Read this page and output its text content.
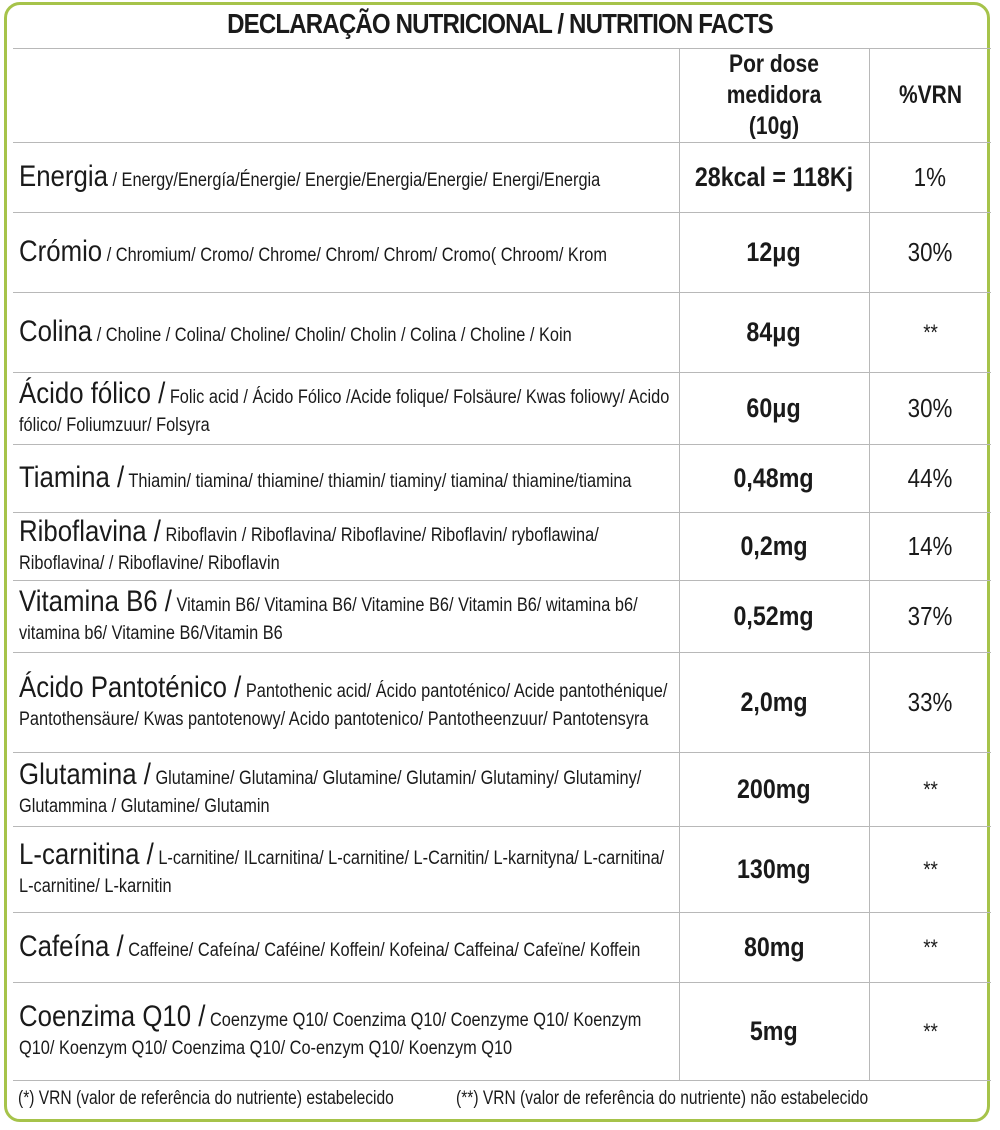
DECLARAÇÃO NUTRICIONAL / NUTRITION FACTS
	Por dose medidora (10g)	%VRN

Energia / Energy/Energía/Énergie/ Energie/Energia/Energie/ Energi/Energia	28kcal = 118Kj	1%

Crómio / Chromium/ Cromo/ Chrome/ Chrom/ Chrom/ Cromo( Chroom/ Krom	12μg	30%

Colina / Choline / Colina/ Choline/ Cholin/ Cholin / Colina / Choline / Koin	84μg	**

Ácido fólico / Folic acid / Ácido Fólico /Acide folique/ Folsäure/ Kwas foliowy/ Acido fólico/ Foliumzuur/ Folsyra	60μg	30%

Tiamina / Thiamin/ tiamina/ thiamine/ thiamin/ tiaminy/ tiamina/ thiamine/tiamina	0,48mg	44%

Riboflavina / Riboflavin / Riboflavina/ Riboflavine/ Riboflavin/ ryboflawina/ Riboflavina/ / Riboflavine/ Riboflavin	0,2mg	14%

Vitamina B6 / Vitamin B6/ Vitamina B6/ Vitamine B6/ Vitamin B6/ witamina b6/ vitamina b6/ Vitamine B6/Vitamin B6	0,52mg	37%

Ácido Pantoténico / Pantothenic acid/ Ácido pantoténico/ Acide pantothénique/ Pantothensäure/ Kwas pantotenowy/ Acido pantotenico/ Pantotheenzuur/ Pantotensyra	2,0mg	33%

Glutamina / Glutamine/ Glutamina/ Glutamine/ Glutamin/ Glutaminy/ Glutaminy/ Glutammina / Glutamine/ Glutamin	200mg	**

L-carnitina / L-carnitine/ ILcarnitina/ L-carnitine/ L-Carnitin/ L-karnityna/ L-carnitina/ L-carnitine/ L-karnitin	130mg	**

Cafeína / Caffeine/ Cafeína/ Caféine/ Koffein/ Kofeina/ Caffeina/ Cafeïne/ Koffein	80mg	**

Coenzima Q10 / Coenzyme Q10/ Coenzima Q10/ Coenzyme Q10/ Koenzym Q10/ Koenzym Q10/ Coenzima Q10/ Co-enzym Q10/ Koenzym Q10	5mg	**
(*) VRN (valor de referência do nutriente) estabelecido	(**) VRN (valor de referência do nutriente) não estabelecido
